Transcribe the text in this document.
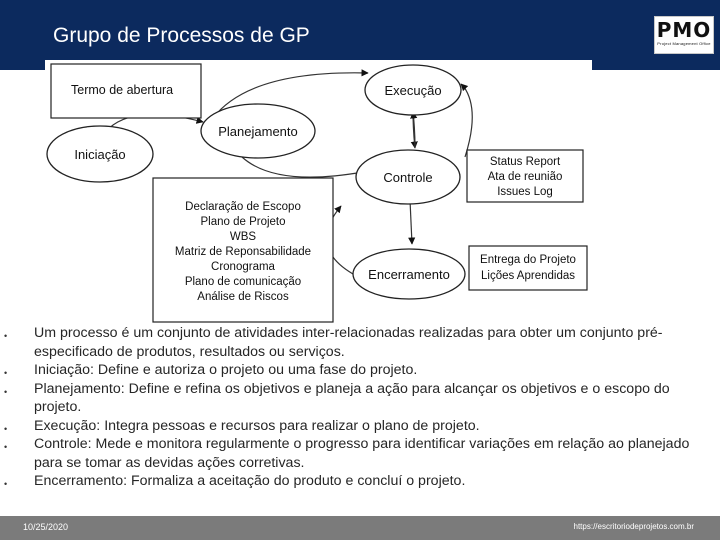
Grupo de Processos de GP	PMO
Project Management Office
Termo de abertura
Iniciação
Planejamento
Execução
Controle
Encerramento
Declaração de Escopo
Plano de Projeto
WBS
Matriz de Reponsabilidade
Cronograma
Plano de comunicação
Análise de Riscos
Status Report
Ata de reunião
Issues Log
Entrega do Projeto
Lições Aprendidas
• Um processo é um conjunto de atividades inter-relacionadas realizadas para obter um conjunto pré-especificado de produtos, resultados ou serviços.
• Iniciação: Define e autoriza o projeto ou uma fase do projeto.
• Planejamento: Define e refina os objetivos e planeja a ação para alcançar os objetivos e o escopo do projeto.
• Execução: Integra pessoas e recursos para realizar o plano de projeto.
• Controle: Mede e monitora regularmente o progresso para identificar variações em relação ao planejado para se tomar as devidas ações corretivas.
• Encerramento: Formaliza a aceitação do produto e concluí o projeto.
10/25/2020	https://escritoriodeprojetos.com.br
